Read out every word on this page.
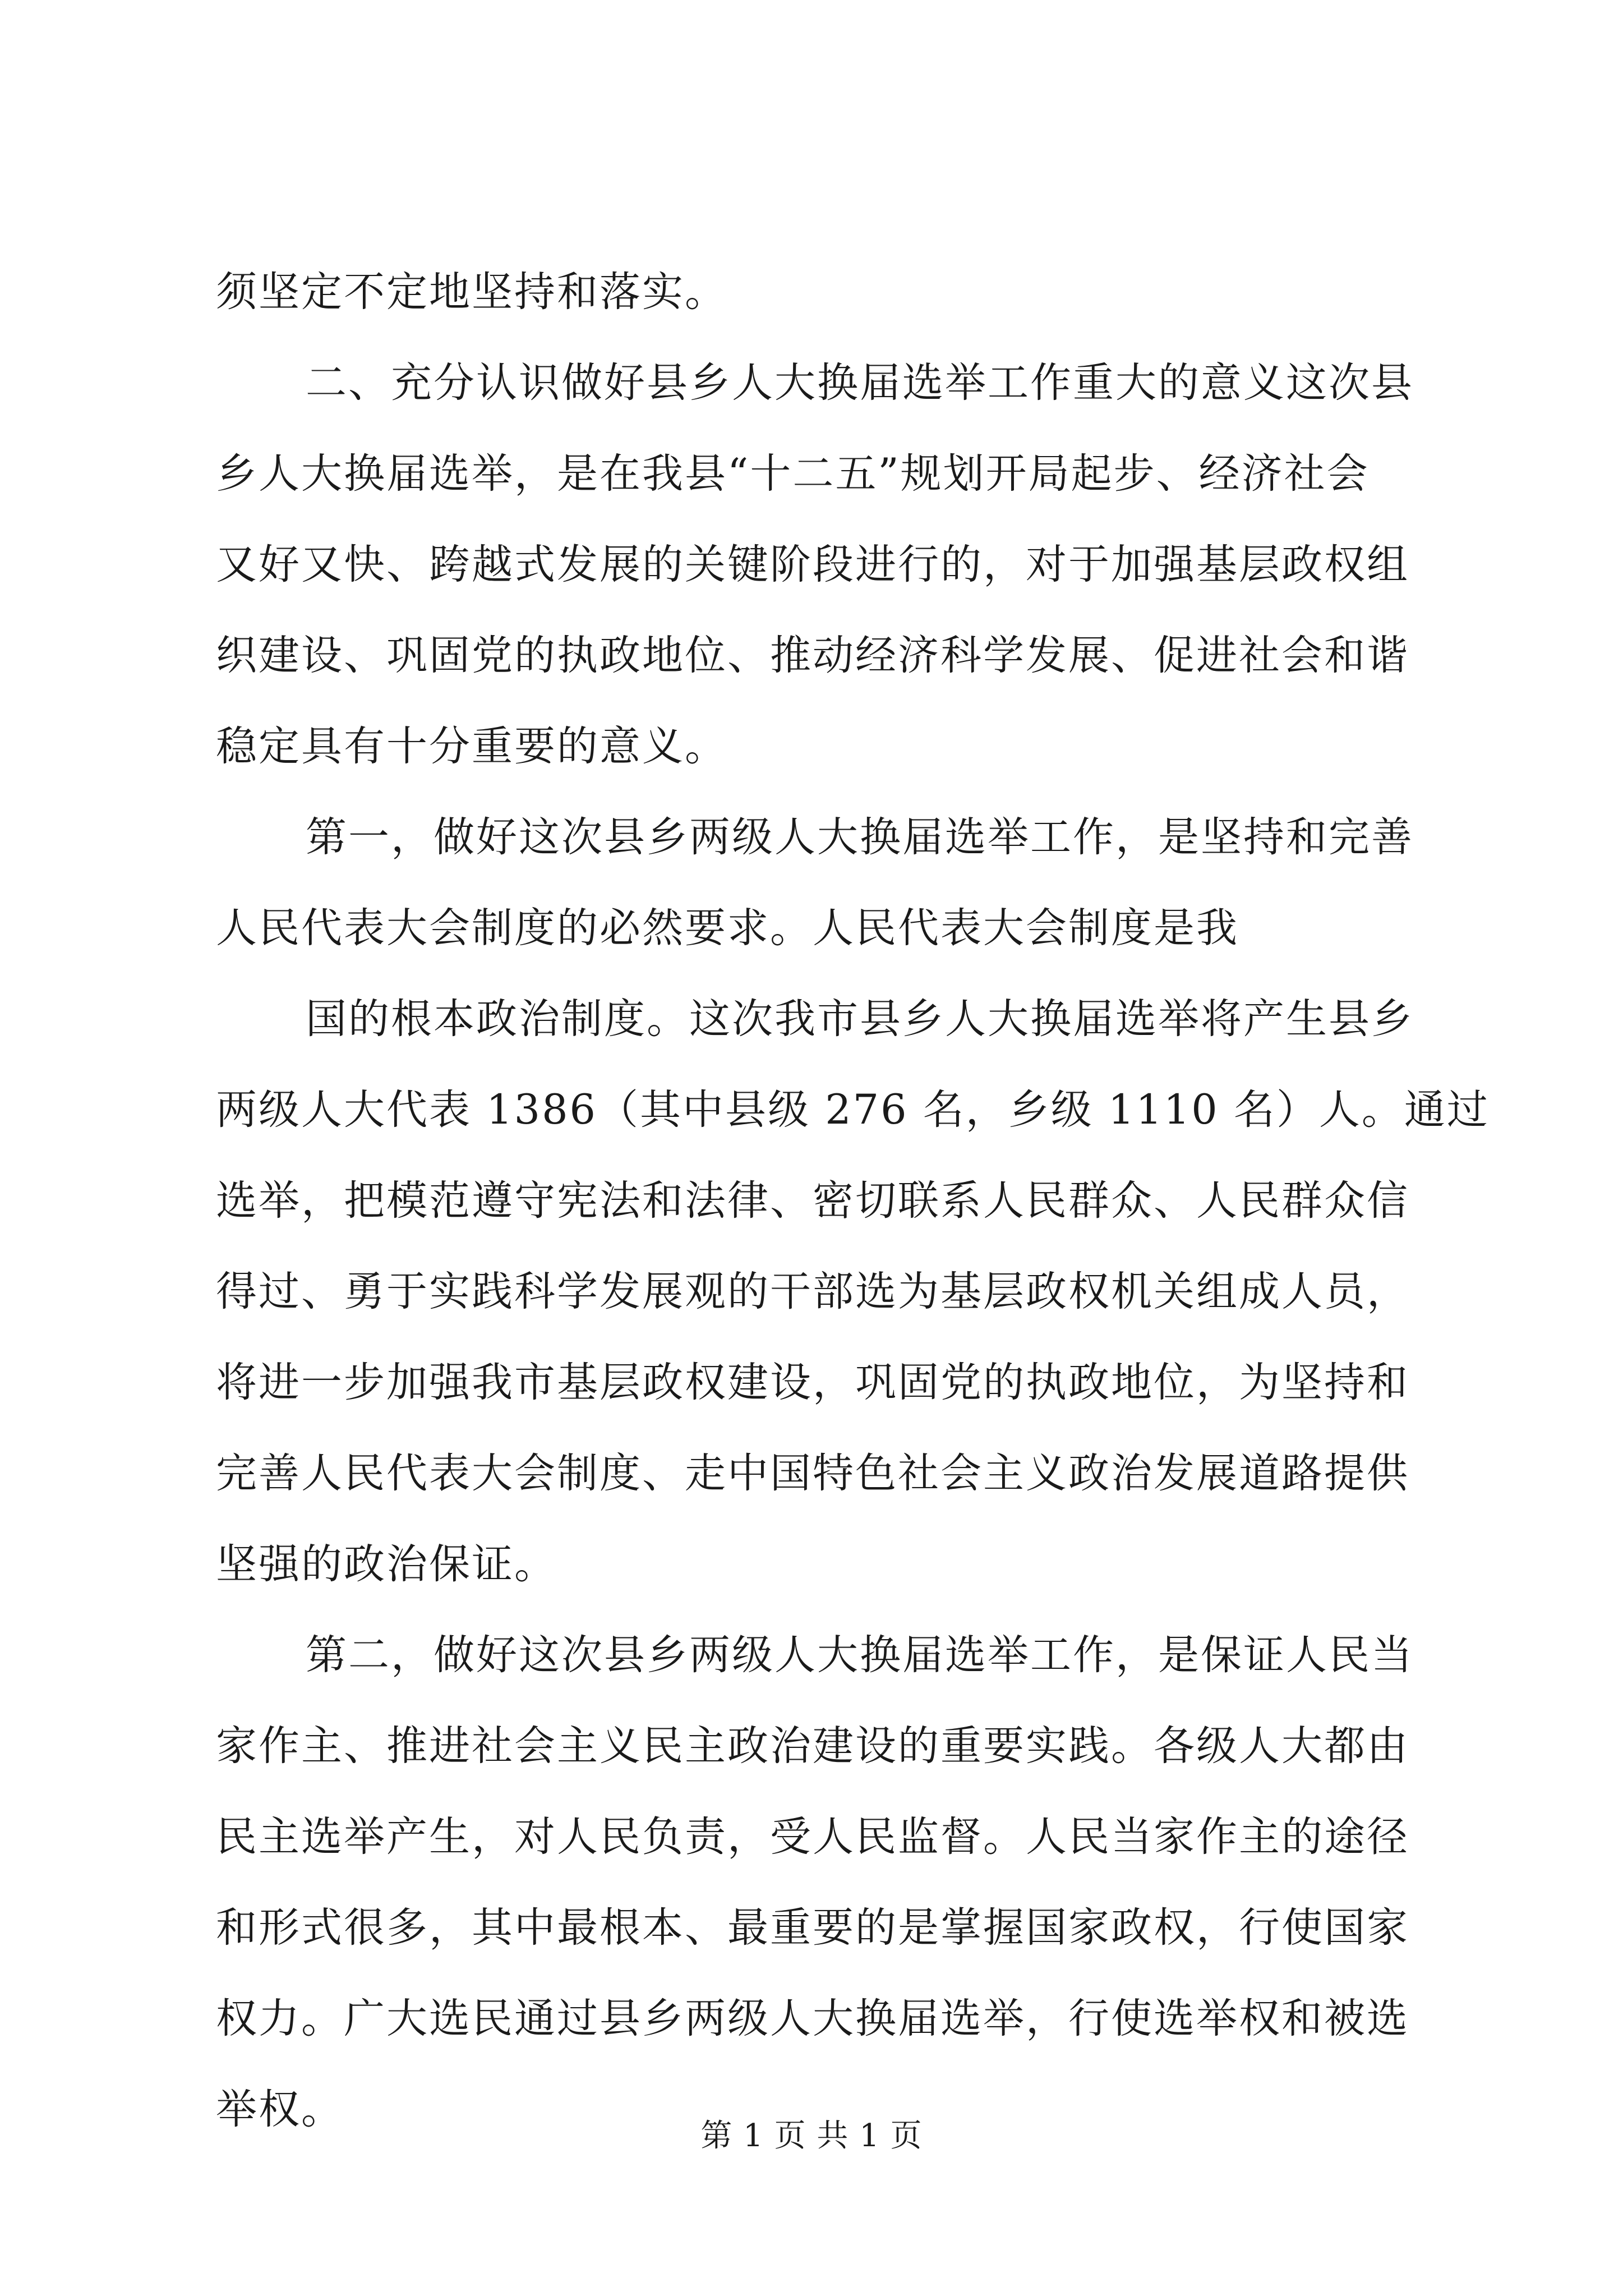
须坚定不定地坚持和落实。
二、充分认识做好县乡人大换届选举工作重大的意义这次县
乡人大换届选举，是在我县“十二五”规划开局起步、经济社会
又好又快、跨越式发展的关键阶段进行的，对于加强基层政权组
织建设、巩固党的执政地位、推动经济科学发展、促进社会和谐
稳定具有十分重要的意义。
第一，做好这次县乡两级人大换届选举工作，是坚持和完善
人民代表大会制度的必然要求。人民代表大会制度是我
国的根本政治制度。这次我市县乡人大换届选举将产生县乡
两级人大代表 1386（其中县级 276 名，乡级 1110 名）人。通过
选举，把模范遵守宪法和法律、密切联系人民群众、人民群众信
得过、勇于实践科学发展观的干部选为基层政权机关组成人员，
将进一步加强我市基层政权建设，巩固党的执政地位，为坚持和
完善人民代表大会制度、走中国特色社会主义政治发展道路提供
坚强的政治保证。
第二，做好这次县乡两级人大换届选举工作，是保证人民当
家作主、推进社会主义民主政治建设的重要实践。各级人大都由
民主选举产生，对人民负责，受人民监督。人民当家作主的途径
和形式很多，其中最根本、最重要的是掌握国家政权，行使国家
权力。广大选民通过县乡两级人大换届选举，行使选举权和被选
举权。
第 1 页 共 1 页
